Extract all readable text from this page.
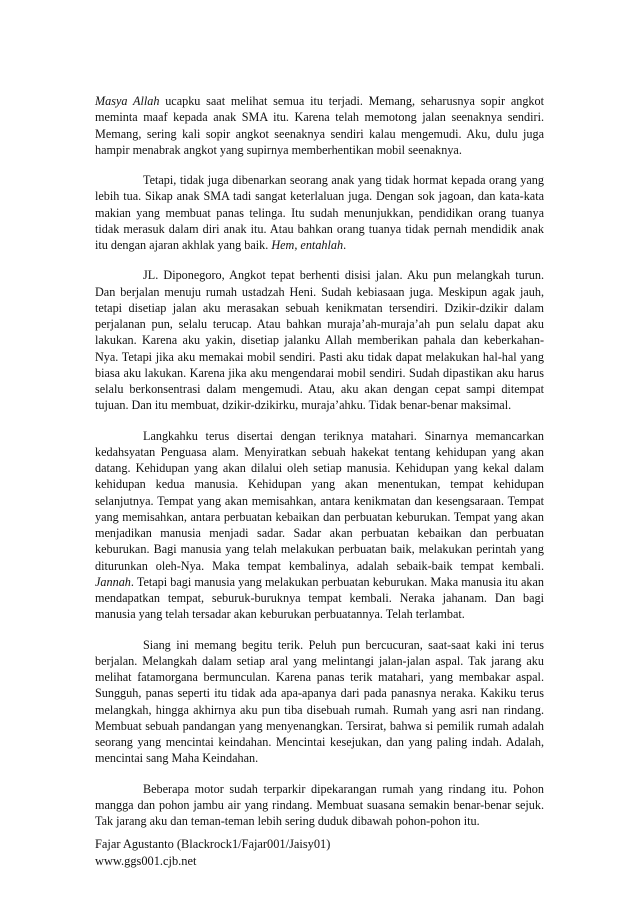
Masya Allah ucapku saat melihat semua itu terjadi. Memang, seharusnya sopir angkot meminta maaf kepada anak SMA itu. Karena telah memotong jalan seenaknya sendiri. Memang, sering kali sopir angkot seenaknya sendiri kalau mengemudi. Aku, dulu juga hampir menabrak angkot yang supirnya memberhentikan mobil seenaknya.

Tetapi, tidak juga dibenarkan seorang anak yang tidak hormat kepada orang yang lebih tua. Sikap anak SMA tadi sangat keterlaluan juga. Dengan sok jagoan, dan kata-kata makian yang membuat panas telinga. Itu sudah menunjukkan, pendidikan orang tuanya tidak merasuk dalam diri anak itu. Atau bahkan orang tuanya tidak pernah mendidik anak itu dengan ajaran akhlak yang baik. Hem, entahlah.

JL. Diponegoro, Angkot tepat berhenti disisi jalan. Aku pun melangkah turun. Dan berjalan menuju rumah ustadzah Heni. Sudah kebiasaan juga. Meskipun agak jauh, tetapi disetiap jalan aku merasakan sebuah kenikmatan tersendiri. Dzikir-dzikir dalam perjalanan pun, selalu terucap. Atau bahkan muraja’ah-muraja’ah pun selalu dapat aku lakukan. Karena aku yakin, disetiap jalanku Allah memberikan pahala dan keberkahan-Nya. Tetapi jika aku memakai mobil sendiri. Pasti aku tidak dapat melakukan hal-hal yang biasa aku lakukan. Karena jika aku mengendarai mobil sendiri. Sudah dipastikan aku harus selalu berkonsentrasi dalam mengemudi. Atau, aku akan dengan cepat sampi ditempat tujuan. Dan itu membuat, dzikir-dzikirku, muraja’ahku. Tidak benar-benar maksimal.

Langkahku terus disertai dengan teriknya matahari. Sinarnya memancarkan kedahsyatan Penguasa alam. Menyiratkan sebuah hakekat tentang kehidupan yang akan datang. Kehidupan yang akan dilalui oleh setiap manusia. Kehidupan yang kekal dalam kehidupan kedua manusia. Kehidupan yang akan menentukan, tempat kehidupan selanjutnya. Tempat yang akan memisahkan, antara kenikmatan dan kesengsaraan. Tempat yang memisahkan, antara perbuatan kebaikan dan perbuatan keburukan. Tempat yang akan menjadikan manusia menjadi sadar. Sadar akan perbuatan kebaikan dan perbuatan keburukan. Bagi manusia yang telah melakukan perbuatan baik, melakukan perintah yang diturunkan oleh-Nya. Maka tempat kembalinya, adalah sebaik-baik tempat kembali. Jannah. Tetapi bagi manusia yang melakukan perbuatan keburukan. Maka manusia itu akan mendapatkan tempat, seburuk-buruknya tempat kembali. Neraka jahanam. Dan bagi manusia yang telah tersadar akan keburukan perbuatannya. Telah terlambat.

Siang ini memang begitu terik. Peluh pun bercucuran, saat-saat kaki ini terus berjalan. Melangkah dalam setiap aral yang melintangi jalan-jalan aspal. Tak jarang aku melihat fatamorgana bermunculan. Karena panas terik matahari, yang membakar aspal. Sungguh, panas seperti itu tidak ada apa-apanya dari pada panasnya neraka. Kakiku terus melangkah, hingga akhirnya aku pun tiba disebuah rumah. Rumah yang asri nan rindang. Membuat sebuah pandangan yang menyenangkan. Tersirat, bahwa si pemilik rumah adalah seorang yang mencintai keindahan. Mencintai kesejukan, dan yang paling indah. Adalah, mencintai sang Maha Keindahan.

Beberapa motor sudah terparkir dipekarangan rumah yang rindang itu. Pohon mangga dan pohon jambu air yang rindang. Membuat suasana semakin benar-benar sejuk. Tak jarang aku dan teman-teman lebih sering duduk dibawah pohon-pohon itu.

Fajar Agustanto (Blackrock1/Fajar001/Jaisy01)
www.ggs001.cjb.net
